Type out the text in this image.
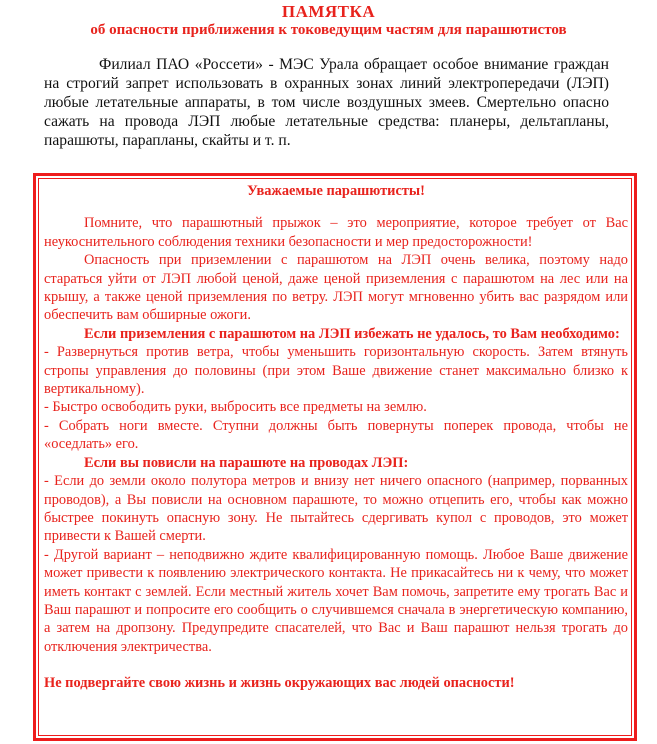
ПАМЯТКА
об опасности приближения к токоведущим частям для парашютистов

Филиал ПАО «Россети» - МЭС Урала обращает особое внимание граждан на строгий запрет использовать в охранных зонах линий электропередачи (ЛЭП) любые летательные аппараты, в том числе воздушных змеев. Смертельно опасно сажать на провода ЛЭП любые летательные средства: планеры, дельтапланы, парашюты, парапланы, скайты и т. п.

Уважаемые парашютисты!

Помните, что парашютный прыжок – это мероприятие, которое требует от Вас неукоснительного соблюдения техники безопасности и мер предосторожности!

Опасность при приземлении с парашютом на ЛЭП очень велика, поэтому надо стараться уйти от ЛЭП любой ценой, даже ценой приземления с парашютом на лес или на крышу, а также ценой приземления по ветру. ЛЭП могут мгновенно убить вас разрядом или обеспечить вам обширные ожоги.

Если приземления с парашютом на ЛЭП избежать не удалось, то Вам необходимо:

- Развернуться против ветра, чтобы уменьшить горизонтальную скорость. Затем втянуть стропы управления до половины (при этом Ваше движение станет максимально близко к вертикальному).

- Быстро освободить руки, выбросить все предметы на землю.

- Собрать ноги вместе. Ступни должны быть повернуты поперек провода, чтобы не «оседлать» его.

Если вы повисли на парашюте на проводах ЛЭП:

- Если до земли около полутора метров и внизу нет ничего опасного (например, порванных проводов), а Вы повисли на основном парашюте, то можно отцепить его, чтобы как можно быстрее покинуть опасную зону. Не пытайтесь сдергивать купол с проводов, это может привести к Вашей смерти.

- Другой вариант – неподвижно ждите квалифицированную помощь. Любое Ваше движение может привести к появлению электрического контакта. Не прикасайтесь ни к чему, что может иметь контакт с землей. Если местный житель хочет Вам помочь, запретите ему трогать Вас и Ваш парашют и попросите его сообщить о случившемся сначала в энергетическую компанию, а затем на дропзону. Предупредите спасателей, что Вас и Ваш парашют нельзя трогать до отключения электричества.

Не подвергайте свою жизнь и жизнь окружающих вас людей опасности!
